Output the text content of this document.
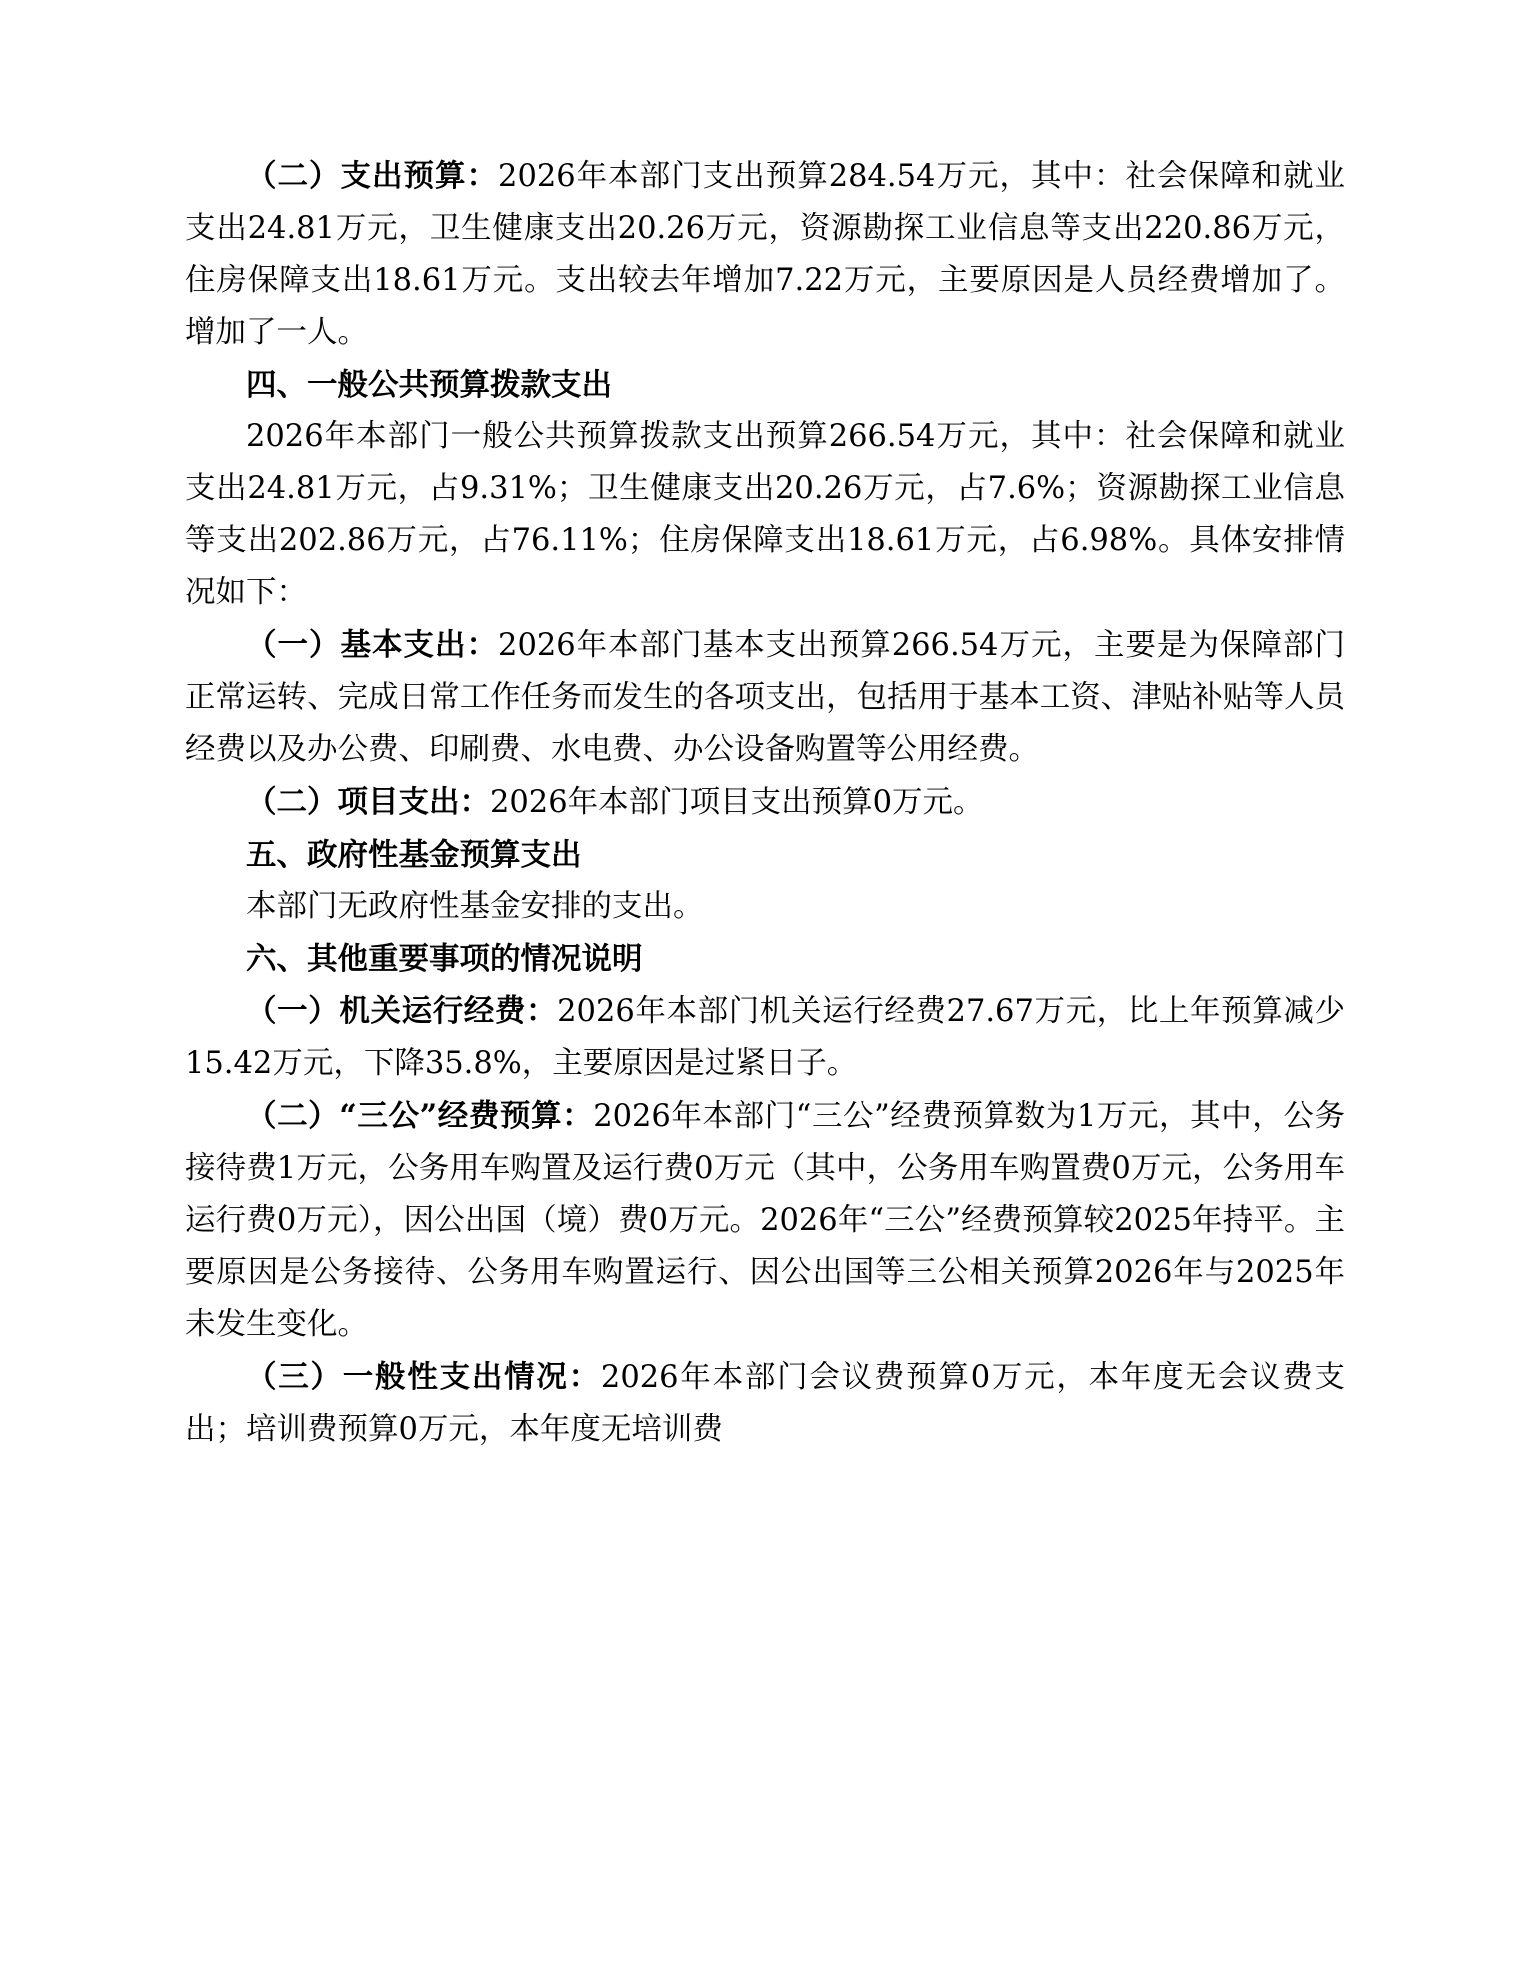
（二）支出预算：2026年本部门支出预算284.54万元，其中：社会保障和就业支出24.81万元，卫生健康支出20.26万元，资源勘探工业信息等支出220.86万元，住房保障支出18.61万元。支出较去年增加7.22万元，主要原因是人员经费增加了。增加了一人。

四、一般公共预算拨款支出

2026年本部门一般公共预算拨款支出预算266.54万元，其中：社会保障和就业支出24.81万元，占9.31%；卫生健康支出20.26万元，占7.6%；资源勘探工业信息等支出202.86万元，占76.11%；住房保障支出18.61万元，占6.98%。具体安排情况如下：

（一）基本支出：2026年本部门基本支出预算266.54万元，主要是为保障部门正常运转、完成日常工作任务而发生的各项支出，包括用于基本工资、津贴补贴等人员经费以及办公费、印刷费、水电费、办公设备购置等公用经费。

（二）项目支出：2026年本部门项目支出预算0万元。

五、政府性基金预算支出

本部门无政府性基金安排的支出。

六、其他重要事项的情况说明

（一）机关运行经费：2026年本部门机关运行经费27.67万元，比上年预算减少15.42万元，下降35.8%，主要原因是过紧日子。

（二）“三公”经费预算：2026年本部门“三公”经费预算数为1万元，其中，公务接待费1万元，公务用车购置及运行费0万元（其中，公务用车购置费0万元，公务用车运行费0万元），因公出国（境）费0万元。2026年“三公”经费预算较2025年持平。主要原因是公务接待、公务用车购置运行、因公出国等三公相关预算2026年与2025年未发生变化。

（三）一般性支出情况：2026年本部门会议费预算0万元，本年度无会议费支出；培训费预算0万元，本年度无培训费
